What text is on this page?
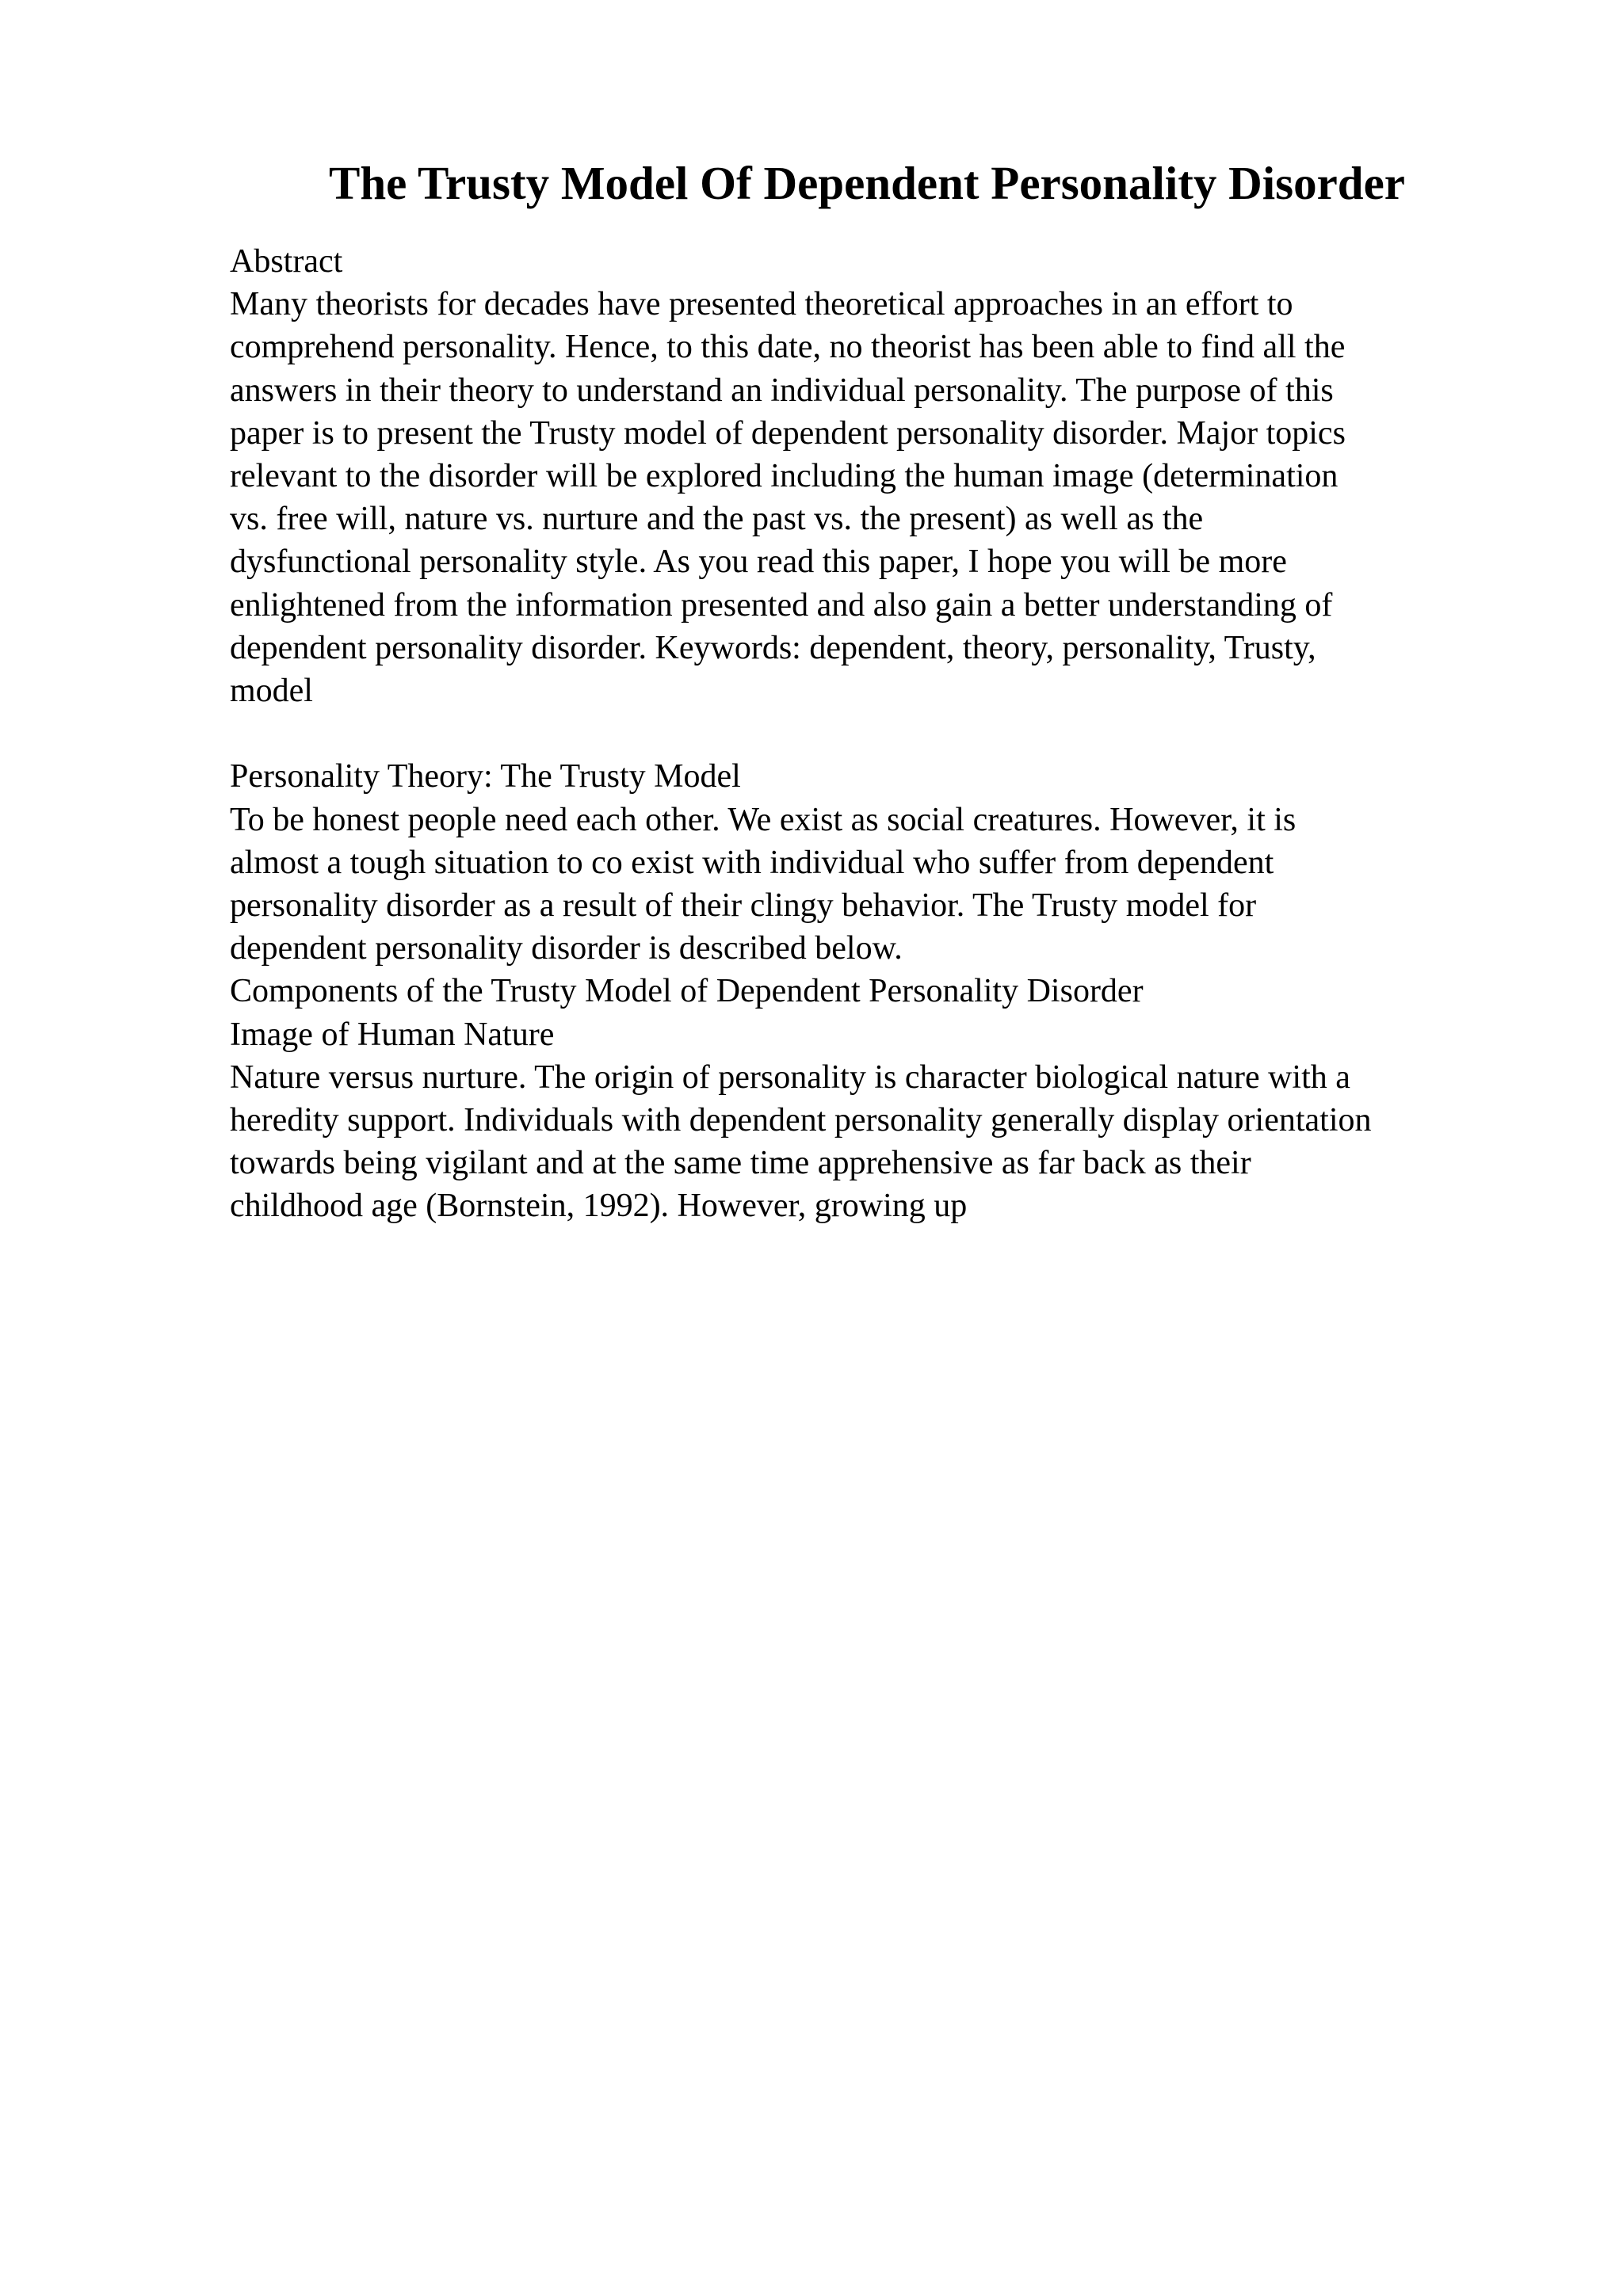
The Trusty Model Of Dependent Personality Disorder
Abstract
Many theorists for decades have presented theoretical approaches in an effort to
comprehend personality. Hence, to this date, no theorist has been able to find all the
answers in their theory to understand an individual personality. The purpose of this
paper is to present the Trusty model of dependent personality disorder. Major topics
relevant to the disorder will be explored including the human image (determination
vs. free will, nature vs. nurture and the past vs. the present) as well as the
dysfunctional personality style. As you read this paper, I hope you will be more
enlightened from the information presented and also gain a better understanding of
dependent personality disorder. Keywords: dependent, theory, personality, Trusty,
model
Personality Theory: The Trusty Model
To be honest people need each other. We exist as social creatures. However, it is
almost a tough situation to co exist with individual who suffer from dependent
personality disorder as a result of their clingy behavior. The Trusty model for
dependent personality disorder is described below.
Components of the Trusty Model of Dependent Personality Disorder
Image of Human Nature
Nature versus nurture. The origin of personality is character biological nature with a
heredity support. Individuals with dependent personality generally display orientation
towards being vigilant and at the same time apprehensive as far back as their
childhood age (Bornstein, 1992). However, growing up
